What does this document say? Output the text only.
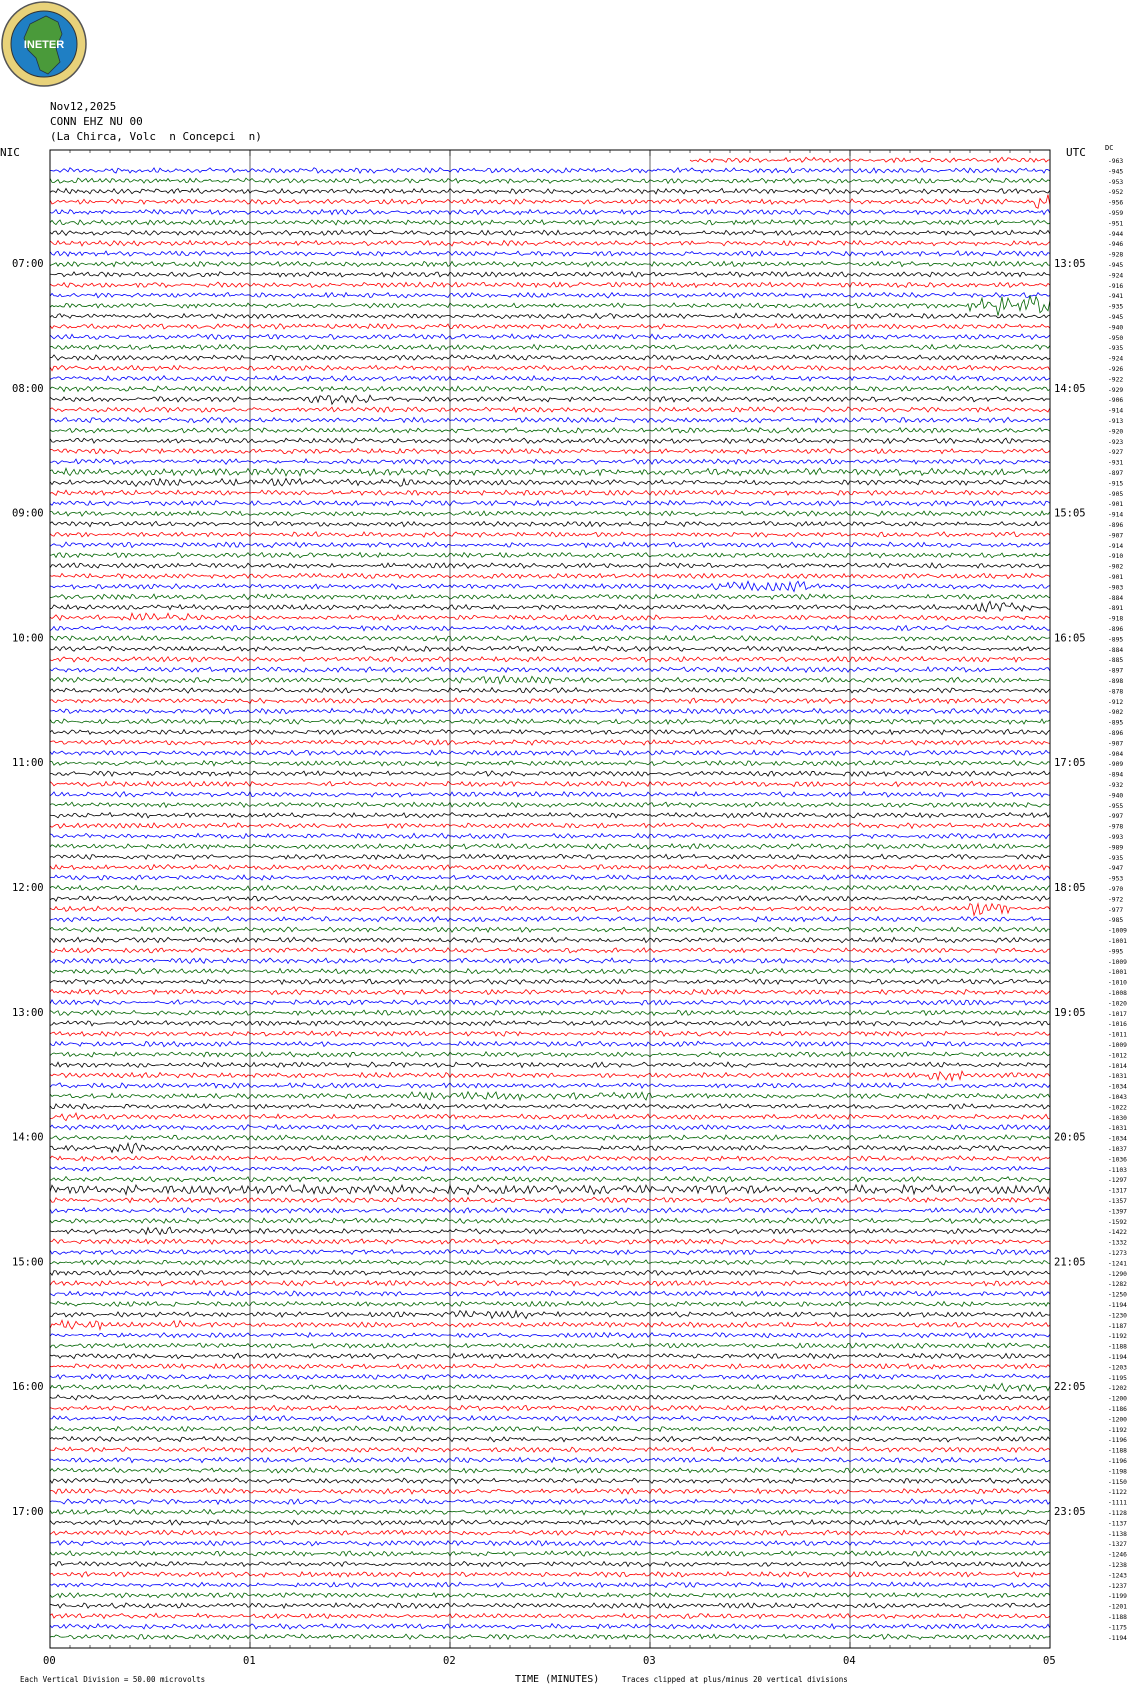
INETER
Nov12,2025
CONN EHZ NU 00
(La Chirca, Volc  n Concepci  n)
NIC	UTC	DC
07:00
08:00
09:00
10:00
11:00
12:00
13:00
14:00
15:00
16:00
17:00
13:05
14:05
15:05
16:05
17:05
18:05
19:05
20:05
21:05
22:05
23:05
-963
-945
-953
-952
-956
-959
-951
-944
-946
-928
-945
-924
-916
-941
-935
-945
-940
-950
-935
-924
-926
-922
-929
-906
-914
-913
-920
-923
-927
-931
-897
-915
-905
-901
-914
-896
-907
-914
-910
-902
-901
-903
-884
-891
-918
-896
-895
-884
-885
-897
-898
-878
-912
-902
-895
-896
-907
-904
-909
-894
-932
-940
-955
-997
-978
-993
-989
-935
-947
-953
-970
-972
-977
-985
-1009
-1001
-995
-1009
-1001
-1010
-1008
-1020
-1017
-1016
-1011
-1009
-1012
-1014
-1031
-1034
-1043
-1022
-1030
-1031
-1034
-1037
-1036
-1103
-1297
-1317
-1357
-1397
-1592
-1422
-1332
-1273
-1241
-1290
-1282
-1250
-1194
-1230
-1187
-1192
-1188
-1194
-1203
-1195
-1202
-1200
-1186
-1200
-1192
-1196
-1188
-1196
-1198
-1150
-1122
-1111
-1128
-1137
-1138
-1327
-1246
-1238
-1243
-1237
-1199
-1201
-1188
-1175
-1194
00	01	02	03	04	05
TIME (MINUTES)
Each Vertical Division = 50.00 microvolts	Traces clipped at plus/minus 20 vertical divisions
